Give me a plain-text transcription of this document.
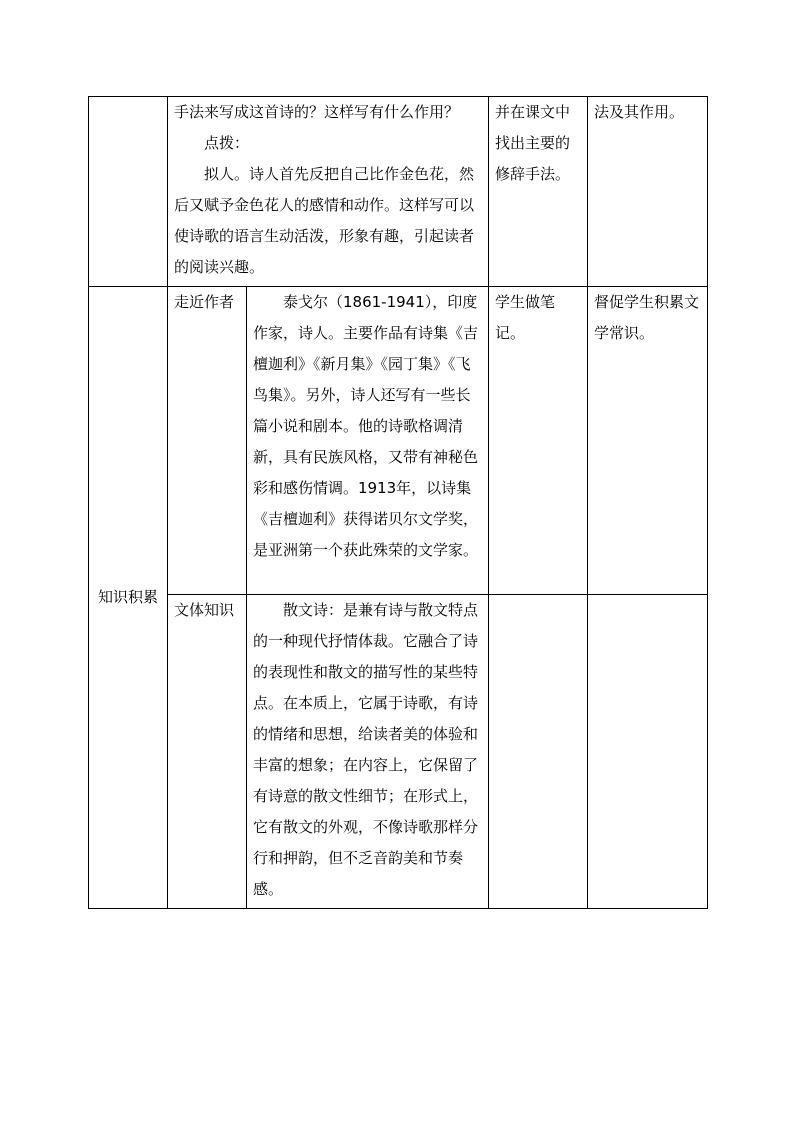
	手法来写成这首诗的？这样写有什么作用？

点拨：

拟人。诗人首先反把自己比作金色花，然后又赋予金色花人的感情和动作。这样写可以使诗歌的语言生动活泼，形象有趣，引起读者的阅读兴趣。		并在课文中找出主要的修辞手法。	法及其作用。
知识积累	走近作者	泰戈尔（1861-1941），印度作家，诗人。主要作品有诗集《吉檀迦利》《新月集》《园丁集》《飞鸟集》。另外，诗人还写有一些长篇小说和剧本。他的诗歌格调清新，具有民族风格，又带有神秘色彩和感伤情调。1913年，以诗集《吉檀迦利》获得诺贝尔文学奖，是亚洲第一个获此殊荣的文学家。	学生做笔记。	督促学生积累文学常识。
	文体知识	散文诗：是兼有诗与散文特点的一种现代抒情体裁。它融合了诗的表现性和散文的描写性的某些特点。在本质上，它属于诗歌，有诗的情绪和思想，给读者美的体验和丰富的想象；在内容上，它保留了有诗意的散文性细节；在形式上，它有散文的外观，不像诗歌那样分行和押韵，但不乏音韵美和节奏感。		
